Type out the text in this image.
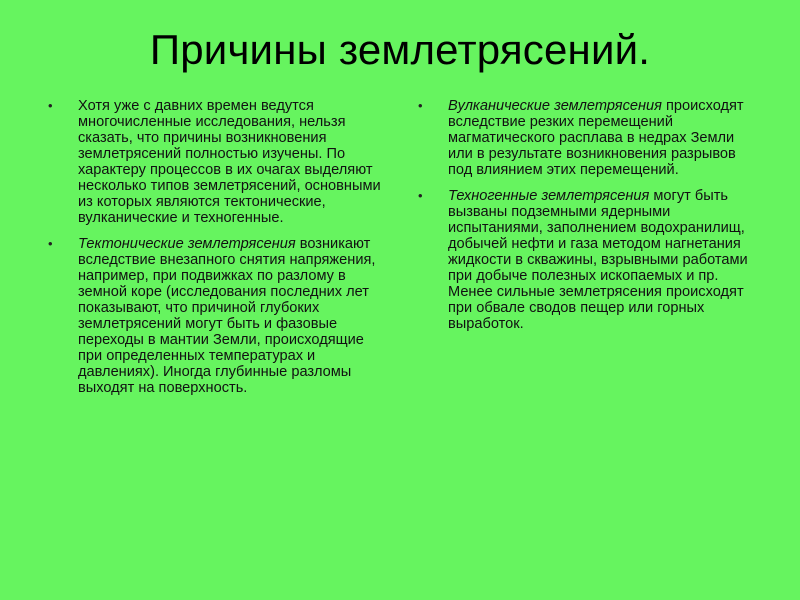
Причины землетрясений.
•	Хотя уже с давних времен ведутся многочисленные исследования, нельзя сказать, что причины возникновения землетрясений полностью изучены. По характеру процессов в их очагах выделяют несколько типов землетрясений, основными из которых являются тектонические, вулканические и техногенные.
•	Тектонические землетрясения возникают вследствие внезапного снятия напряжения, например, при подвижках по разлому в земной коре (исследования последних лет показывают, что причиной глубоких землетрясений могут быть и фазовые переходы в мантии Земли, происходящие при определенных температурах и давлениях). Иногда глубинные разломы выходят на поверхность.
•	Вулканические землетрясения происходят вследствие резких перемещений магматического расплава в недрах Земли или в результате возникновения разрывов под влиянием этих перемещений.
•	Техногенные землетрясения могут быть вызваны подземными ядерными испытаниями, заполнением водохранилищ, добычей нефти и газа методом нагнетания жидкости в скважины, взрывными работами при добыче полезных ископаемых и пр. Менее сильные землетрясения происходят при обвале сводов пещер или горных выработок.
